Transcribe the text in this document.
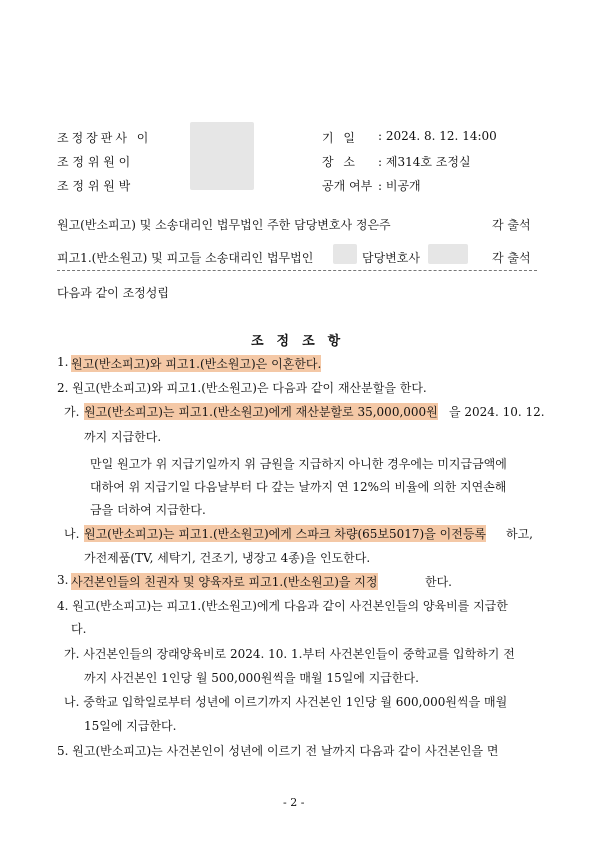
조정장판사 이
조 정 위 원 이
조 정 위 원 박
기 일 : 2024. 8. 12. 14:00
장 소 : 제314호 조정실
공개 여부 : 비공개
원고(반소피고) 및 소송대리인 법무법인 주한 담당변호사 정은주	각 출석
피고1.(반소원고) 및 피고들 소송대리인 법무법인	담당변호사	각 출석
다음과 같이 조정성립
조정조항
1. 원고(반소피고)와 피고1.(반소원고)은 이혼한다.
2. 원고(반소피고)와 피고1.(반소원고)은 다음과 같이 재산분할을 한다.
가. 원고(반소피고)는 피고1.(반소원고)에게 재산분할로 35,000,000원 을 2024. 10. 12.
까지 지급한다.
만일 원고가 위 지급기일까지 위 금원을 지급하지 아니한 경우에는 미지급금액에
대하여 위 지급기일 다음날부터 다 갚는 날까지 연 12%의 비율에 의한 지연손해
금을 더하여 지급한다.
나. 원고(반소피고)는 피고1.(반소원고)에게 스파크 차량(65보5017)을 이전등록 하고,
가전제품(TV, 세탁기, 건조기, 냉장고 4종)을 인도한다.
3. 사건본인들의 친권자 및 양육자로 피고1.(반소원고)을 지정	한다.
4. 원고(반소피고)는 피고1.(반소원고)에게 다음과 같이 사건본인들의 양육비를 지급한
다.
가. 사건본인들의 장래양육비로 2024. 10. 1.부터 사건본인들이 중학교를 입학하기 전
까지 사건본인 1인당 월 500,000원씩을 매월 15일에 지급한다.
나. 중학교 입학일로부터 성년에 이르기까지 사건본인 1인당 월 600,000원씩을 매월
15일에 지급한다.
5. 원고(반소피고)는 사건본인이 성년에 이르기 전 날까지 다음과 같이 사건본인을 면
- 2 -
